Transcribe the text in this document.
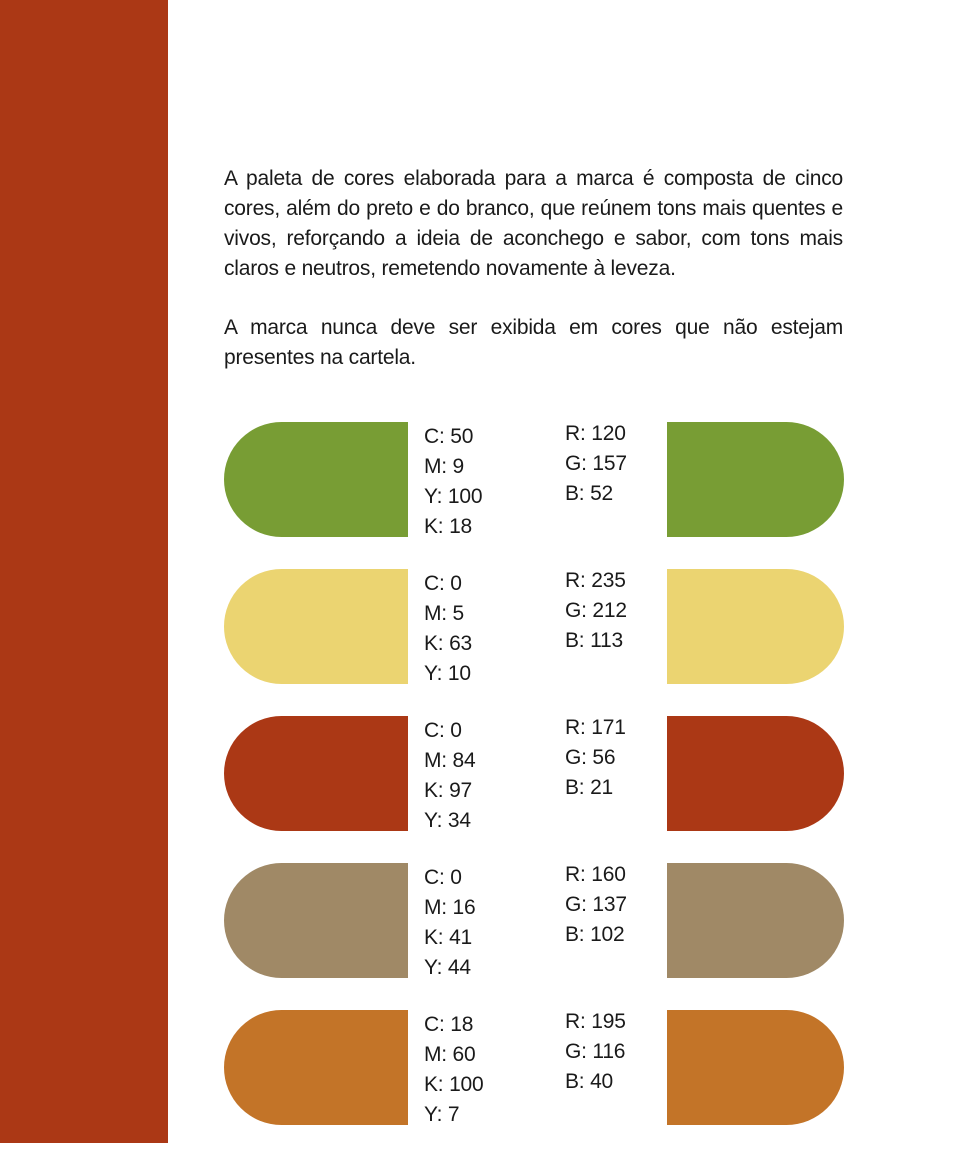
A paleta de cores elaborada para a marca é composta de cinco cores, além do preto e do branco, que reúnem tons mais quentes e vivos, reforçando a ideia de aconchego e sabor, com tons mais claros e neutros, remetendo novamente à leveza.

A marca nunca deve ser exibida em cores que não estejam presentes na cartela.

C: 50
M: 9
Y: 100
K: 18
R: 120
G: 157
B: 52
C: 0
M: 5
K: 63
Y: 10
R: 235
G: 212
B: 113
C: 0
M: 84
K: 97
Y: 34
R: 171
G: 56
B: 21
C: 0
M: 16
K: 41
Y: 44
R: 160
G: 137
B: 102
C: 18
M: 60
K: 100
Y: 7
R: 195
G: 116
B: 40
